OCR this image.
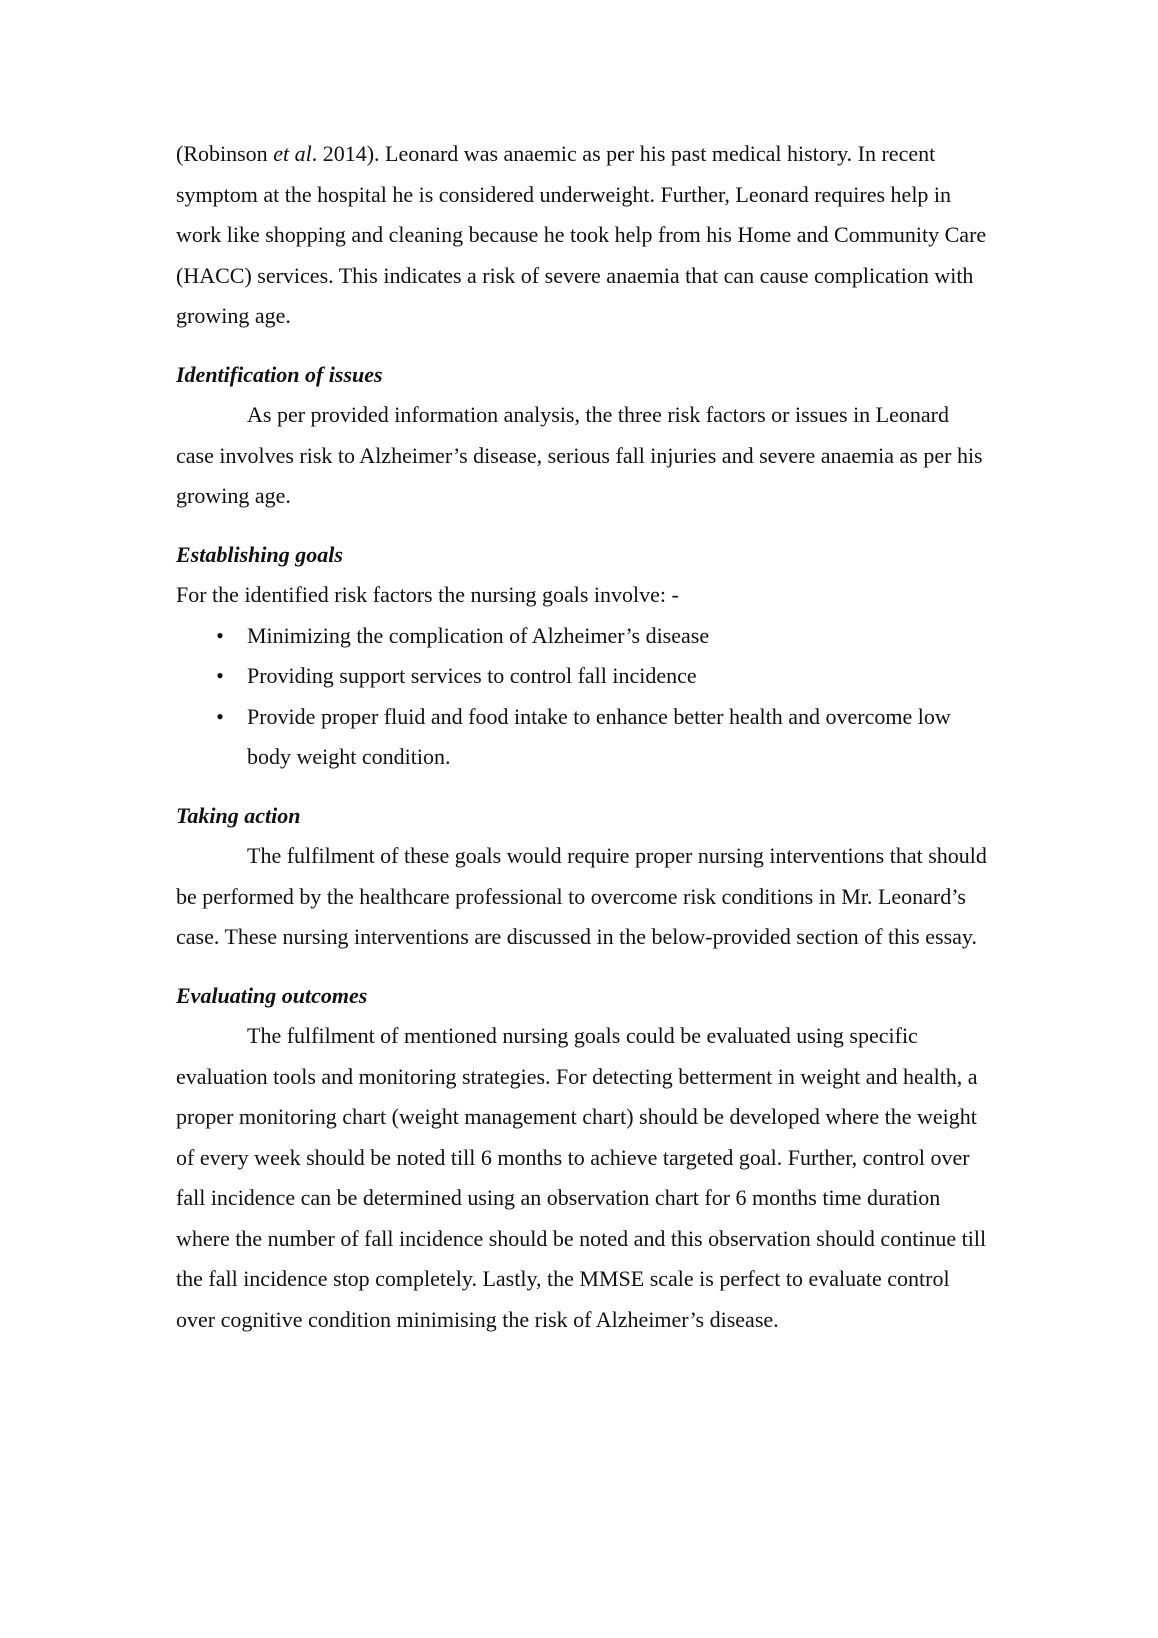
(Robinson et al. 2014). Leonard was anaemic as per his past medical history. In recent symptom at the hospital he is considered underweight. Further, Leonard requires help in work like shopping and cleaning because he took help from his Home and Community Care (HACC) services. This indicates a risk of severe anaemia that can cause complication with growing age.

Identification of issues

As per provided information analysis, the three risk factors or issues in Leonard case involves risk to Alzheimer’s disease, serious fall injuries and severe anaemia as per his growing age.

Establishing goals

For the identified risk factors the nursing goals involve: -

• Minimizing the complication of Alzheimer’s disease
• Providing support services to control fall incidence
• Provide proper fluid and food intake to enhance better health and overcome low body weight condition.
Taking action

The fulfilment of these goals would require proper nursing interventions that should be performed by the healthcare professional to overcome risk conditions in Mr. Leonard’s case. These nursing interventions are discussed in the below-provided section of this essay.

Evaluating outcomes

The fulfilment of mentioned nursing goals could be evaluated using specific evaluation tools and monitoring strategies. For detecting betterment in weight and health, a proper monitoring chart (weight management chart) should be developed where the weight of every week should be noted till 6 months to achieve targeted goal. Further, control over fall incidence can be determined using an observation chart for 6 months time duration where the number of fall incidence should be noted and this observation should continue till the fall incidence stop completely. Lastly, the MMSE scale is perfect to evaluate control over cognitive condition minimising the risk of Alzheimer’s disease.
